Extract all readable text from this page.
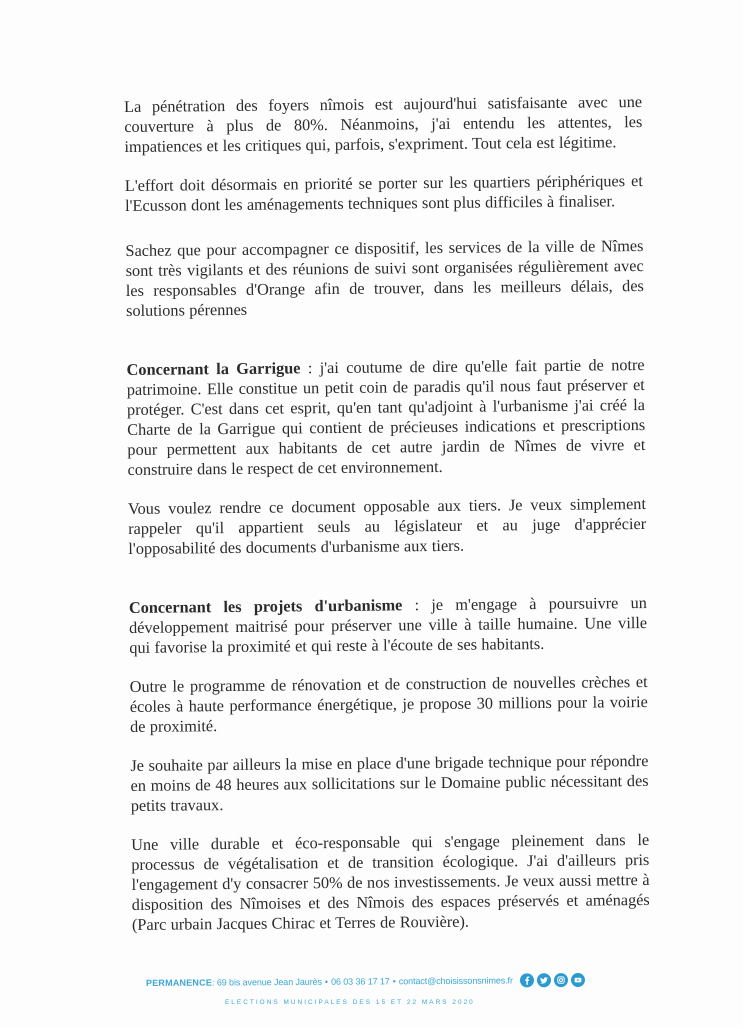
La pénétration des foyers nîmois est aujourd'hui satisfaisante avec une couverture à plus de 80%. Néanmoins, j'ai entendu les attentes, les impatiences et les critiques qui, parfois, s'expriment. Tout cela est légitime.

L'effort doit désormais en priorité se porter sur les quartiers périphériques et l'Ecusson dont les aménagements techniques sont plus difficiles à finaliser.

Sachez que pour accompagner ce dispositif, les services de la ville de Nîmes sont très vigilants et des réunions de suivi sont organisées régulièrement avec les responsables d'Orange afin de trouver, dans les meilleurs délais, des solutions pérennes

Concernant la Garrigue : j'ai coutume de dire qu'elle fait partie de notre patrimoine. Elle constitue un petit coin de paradis qu'il nous faut préserver et protéger. C'est dans cet esprit, qu'en tant qu'adjoint à l'urbanisme j'ai créé la Charte de la Garrigue qui contient de précieuses indications et prescriptions pour permettent aux habitants de cet autre jardin de Nîmes de vivre et construire dans le respect de cet environnement.

Vous voulez rendre ce document opposable aux tiers. Je veux simplement rappeler qu'il appartient seuls au législateur et au juge d'apprécier l'opposabilité des documents d'urbanisme aux tiers.

Concernant les projets d'urbanisme : je m'engage à poursuivre un développement maitrisé pour préserver une ville à taille humaine. Une ville qui favorise la proximité et qui reste à l'écoute de ses habitants.

Outre le programme de rénovation et de construction de nouvelles crèches et écoles à haute performance énergétique, je propose 30 millions pour la voirie de proximité.

Je souhaite par ailleurs la mise en place d'une brigade technique pour répondre en moins de 48 heures aux sollicitations sur le Domaine public nécessitant des petits travaux.

Une ville durable et éco-responsable qui s'engage pleinement dans le processus de végétalisation et de transition écologique. J'ai d'ailleurs pris l'engagement d'y consacrer 50% de nos investissements. Je veux aussi mettre à disposition des Nîmoises et des Nîmois des espaces préservés et aménagés (Parc urbain Jacques Chirac et Terres de Rouvière).

PERMANENCE : 69 bis avenue Jean Jaurès • 06 03 36 17 17 • contact@choisissonsnimes.fr
ELECTIONS MUNICIPALES DES 15 ET 22 MARS 2020
